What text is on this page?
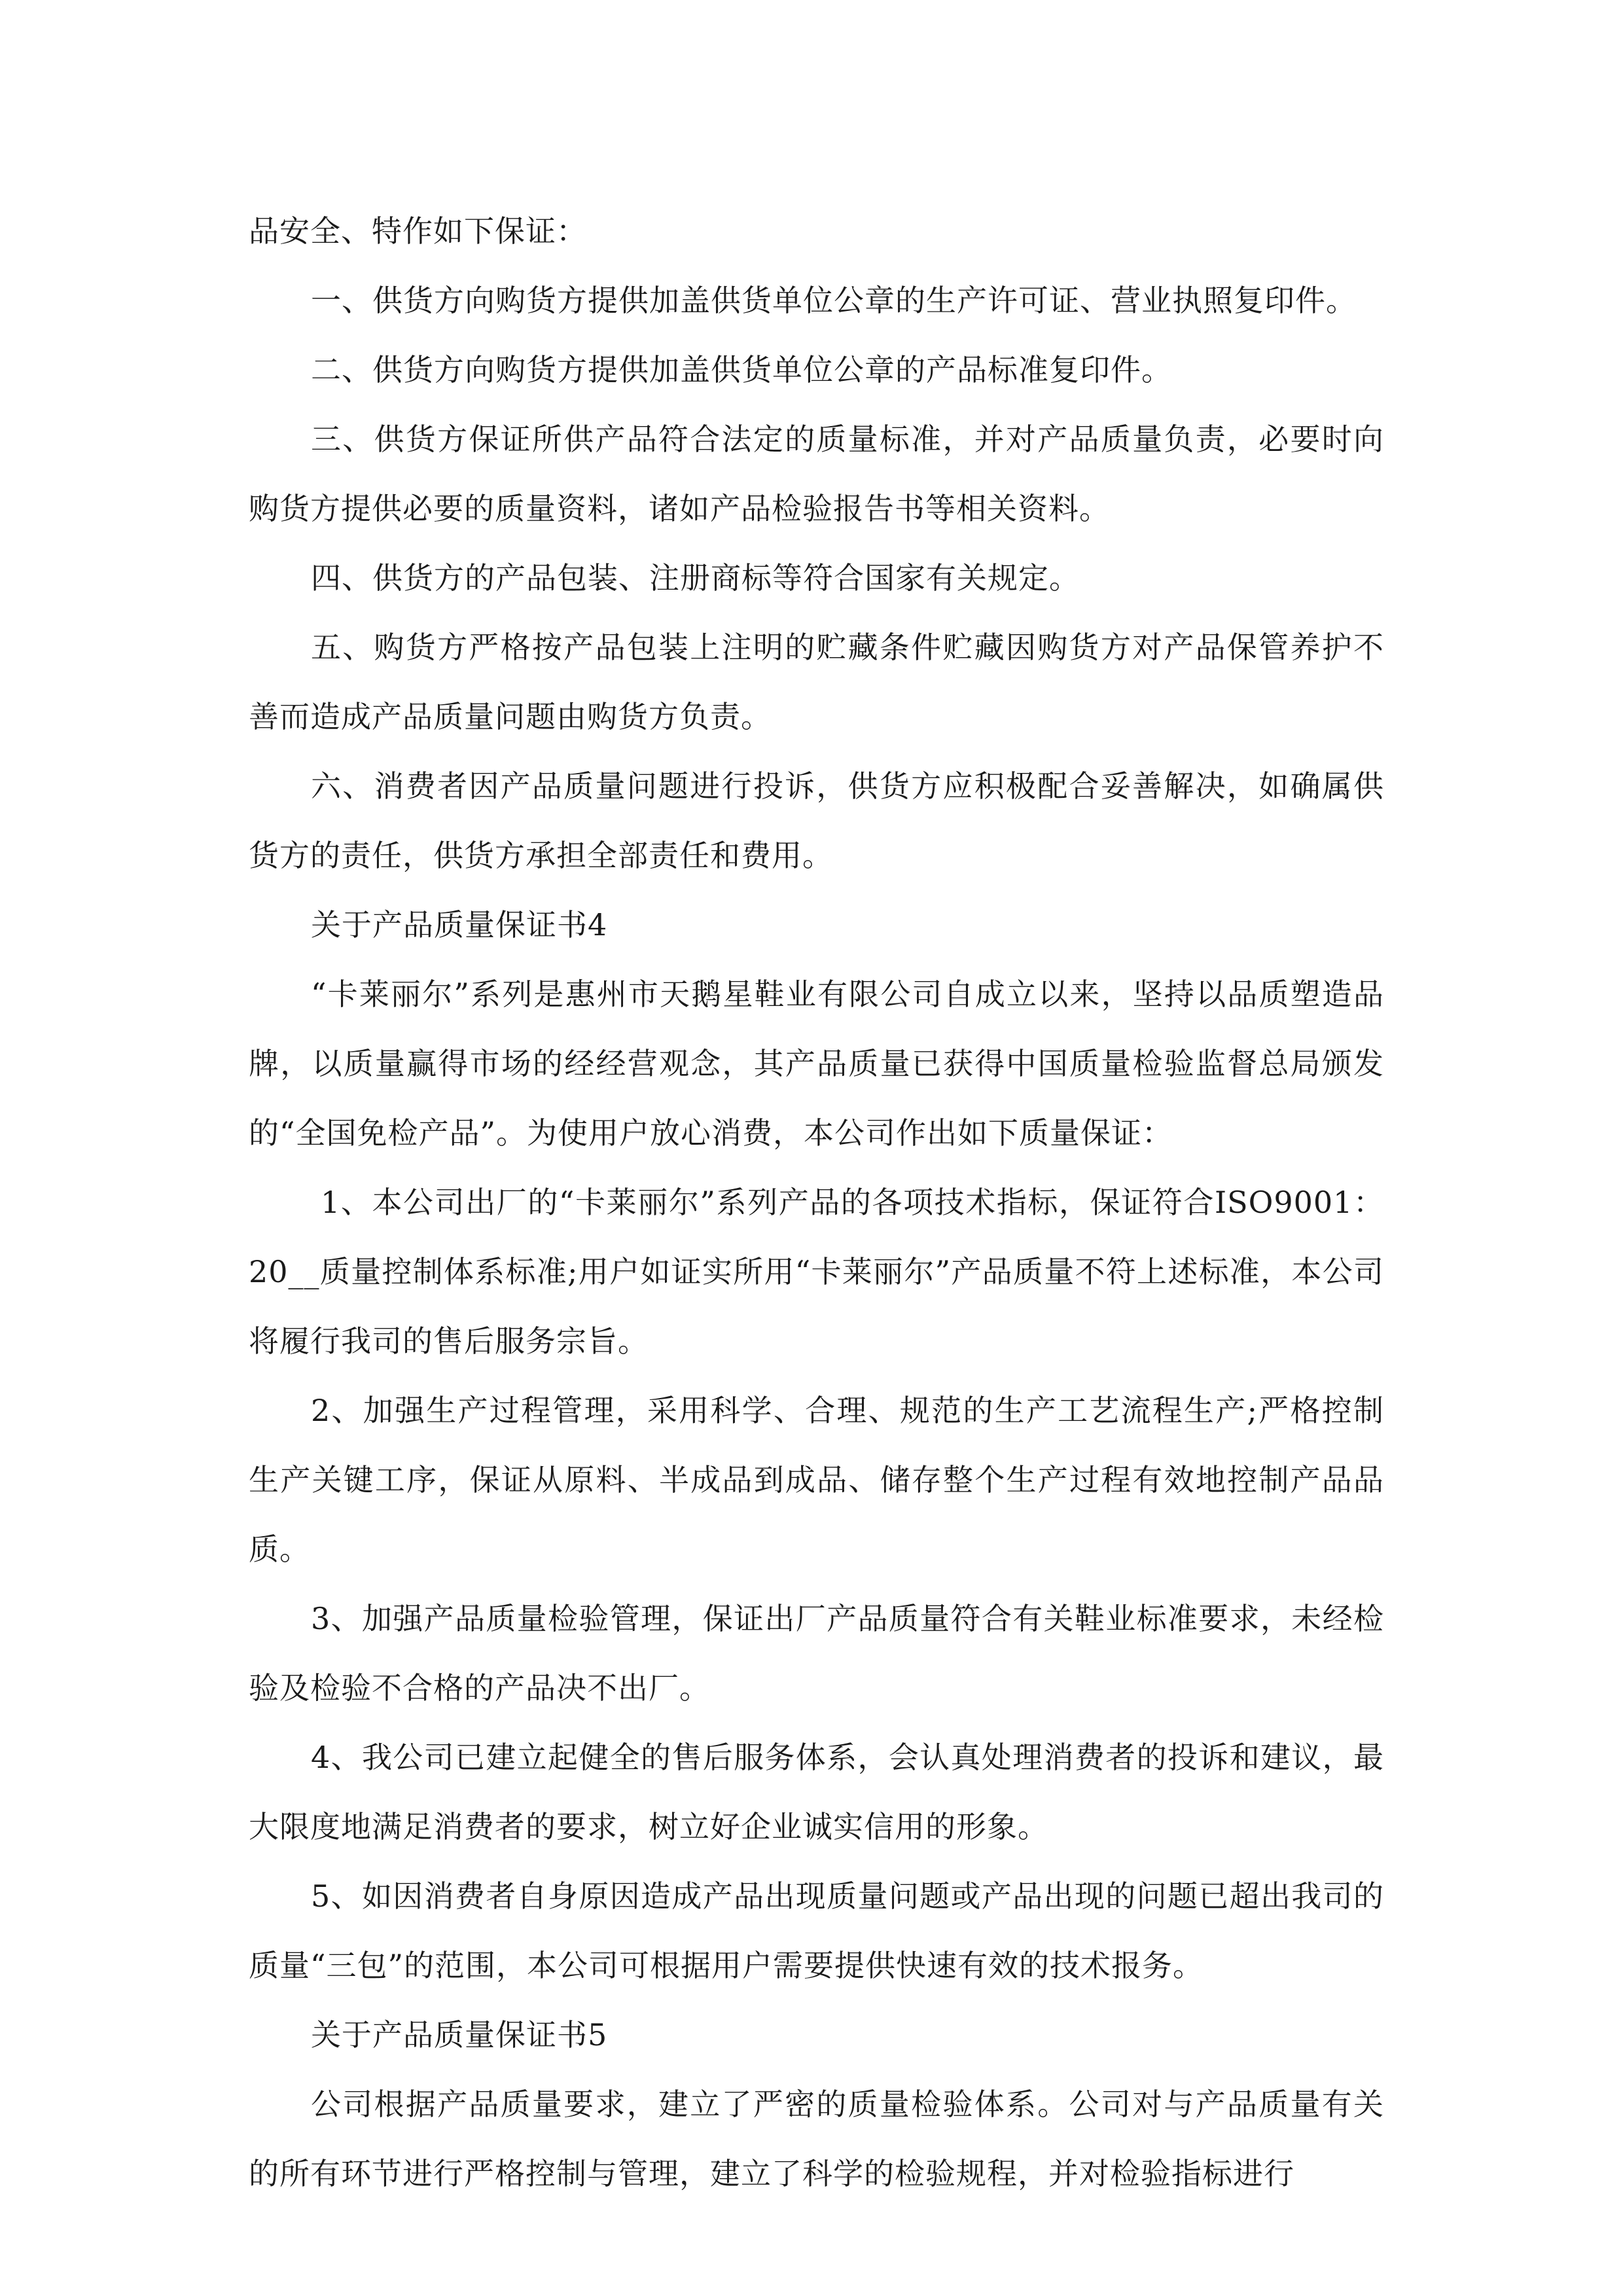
品安全、特作如下保证：

一、供货方向购货方提供加盖供货单位公章的生产许可证、营业执照复印件。

二、供货方向购货方提供加盖供货单位公章的产品标准复印件。

三、供货方保证所供产品符合法定的质量标准，并对产品质量负责，必要时向购货方提供必要的质量资料，诸如产品检验报告书等相关资料。

四、供货方的产品包装、注册商标等符合国家有关规定。

五、购货方严格按产品包装上注明的贮藏条件贮藏因购货方对产品保管养护不善而造成产品质量问题由购货方负责。

六、消费者因产品质量问题进行投诉，供货方应积极配合妥善解决，如确属供货方的责任，供货方承担全部责任和费用。

关于产品质量保证书4

“卡莱丽尔”系列是惠州市天鹅星鞋业有限公司自成立以来，坚持以品质塑造品牌，以质量赢得市场的经经营观念，其产品质量已获得中国质量检验监督总局颁发的“全国免检产品”。为使用户放心消费，本公司作出如下质量保证：

1、本公司出厂的“卡莱丽尔”系列产品的各项技术指标，保证符合ISO9001：20__质量控制体系标准;用户如证实所用“卡莱丽尔”产品质量不符上述标准，本公司将履行我司的售后服务宗旨。

2、加强生产过程管理，采用科学、合理、规范的生产工艺流程生产;严格控制生产关键工序，保证从原料、半成品到成品、储存整个生产过程有效地控制产品品质。

3、加强产品质量检验管理，保证出厂产品质量符合有关鞋业标准要求，未经检验及检验不合格的产品决不出厂。

4、我公司已建立起健全的售后服务体系，会认真处理消费者的投诉和建议，最大限度地满足消费者的要求，树立好企业诚实信用的形象。

5、如因消费者自身原因造成产品出现质量问题或产品出现的问题已超出我司的质量“三包”的范围，本公司可根据用户需要提供快速有效的技术报务。

关于产品质量保证书5

公司根据产品质量要求，建立了严密的质量检验体系。公司对与产品质量有关的所有环节进行严格控制与管理，建立了科学的检验规程，并对检验指标进行
